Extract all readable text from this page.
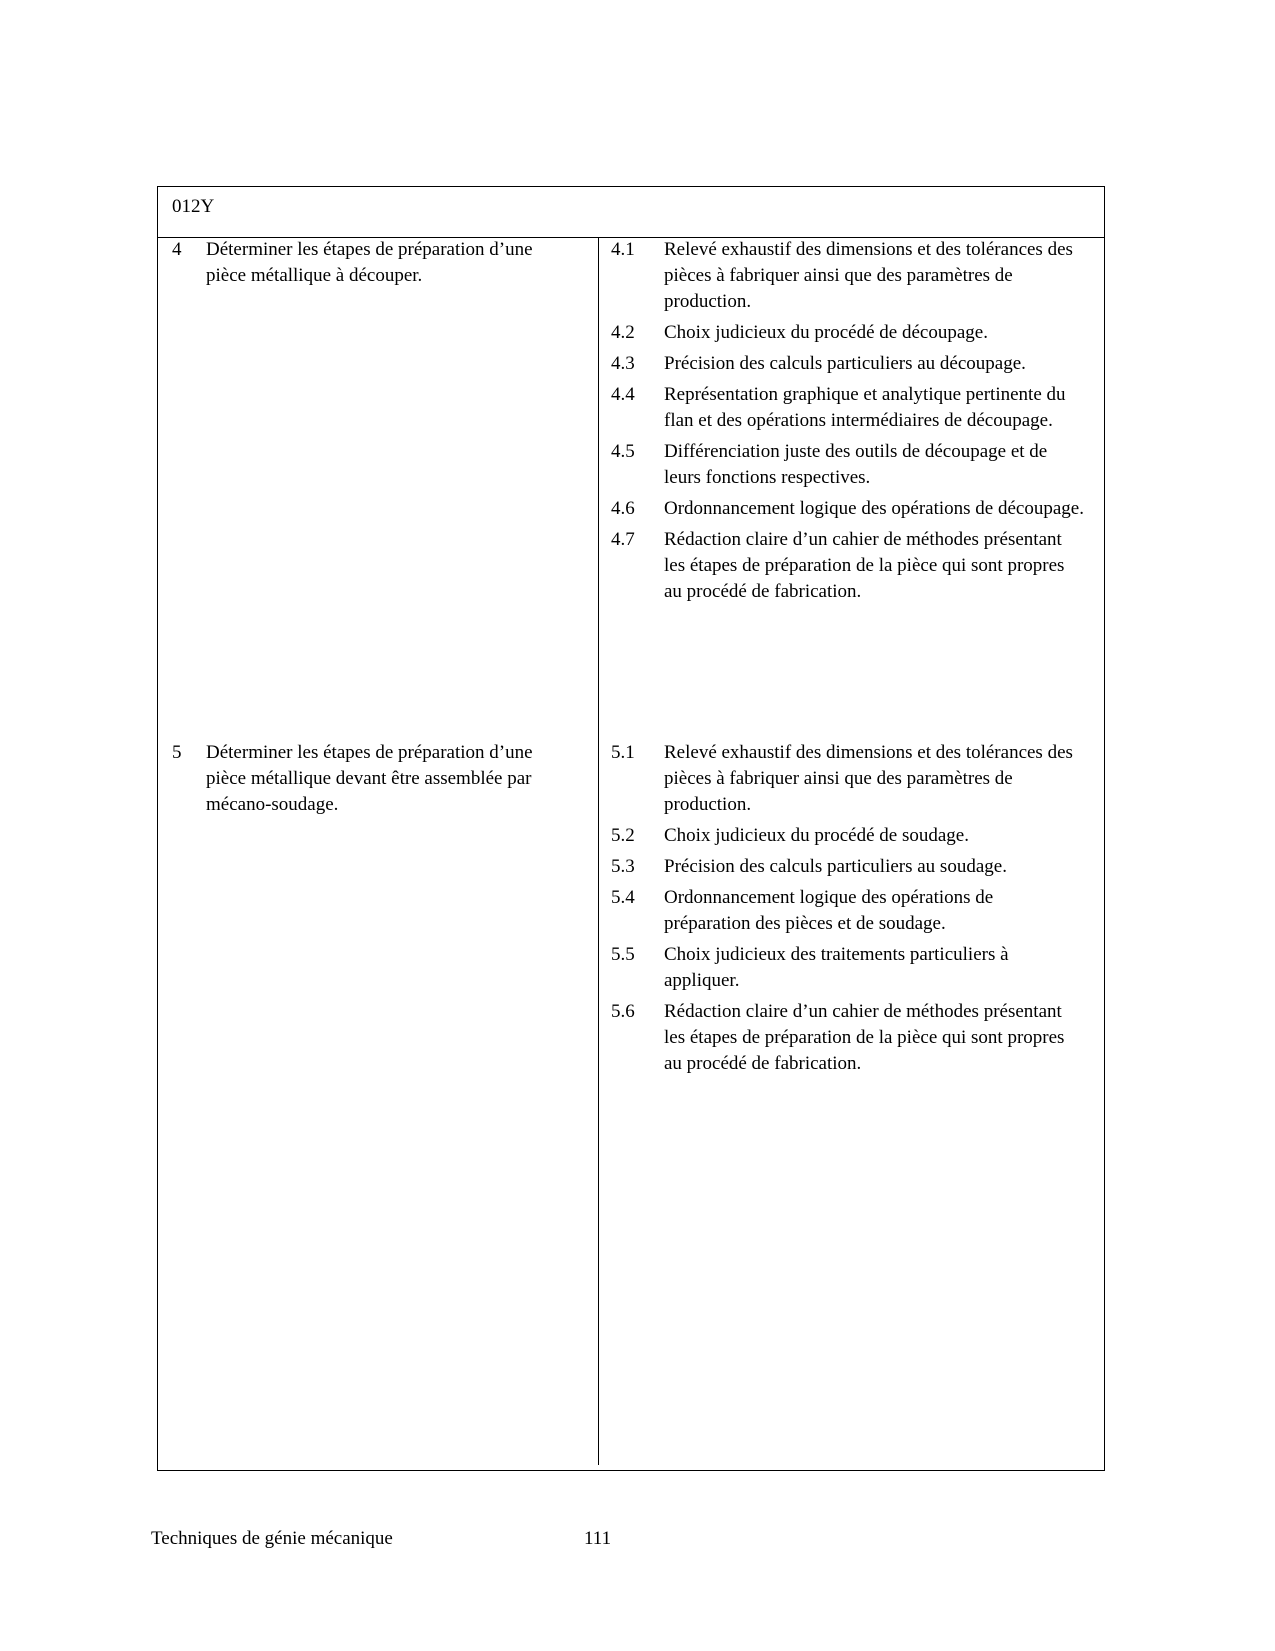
012Y
4 Déterminer les étapes de préparation d’une pièce métallique à découper.
4.1 Relevé exhaustif des dimensions et des tolérances des pièces à fabriquer ainsi que des paramètres de production.
4.2 Choix judicieux du procédé de découpage.
4.3 Précision des calculs particuliers au découpage.
4.4 Représentation graphique et analytique pertinente du flan et des opérations intermédiaires de découpage.
4.5 Différenciation juste des outils de découpage et de leurs fonctions respectives.
4.6 Ordonnancement logique des opérations de découpage.
4.7 Rédaction claire d’un cahier de méthodes présentant les étapes de préparation de la pièce qui sont propres au procédé de fabrication.
5 Déterminer les étapes de préparation d’une pièce métallique devant être assemblée par mécano-soudage.
5.1 Relevé exhaustif des dimensions et des tolérances des pièces à fabriquer ainsi que des paramètres de production.
5.2 Choix judicieux du procédé de soudage.
5.3 Précision des calculs particuliers au soudage.
5.4 Ordonnancement logique des opérations de préparation des pièces et de soudage.
5.5 Choix judicieux des traitements particuliers à appliquer.
5.6 Rédaction claire d’un cahier de méthodes présentant les étapes de préparation de la pièce qui sont propres au procédé de fabrication.
Techniques de génie mécanique	111
